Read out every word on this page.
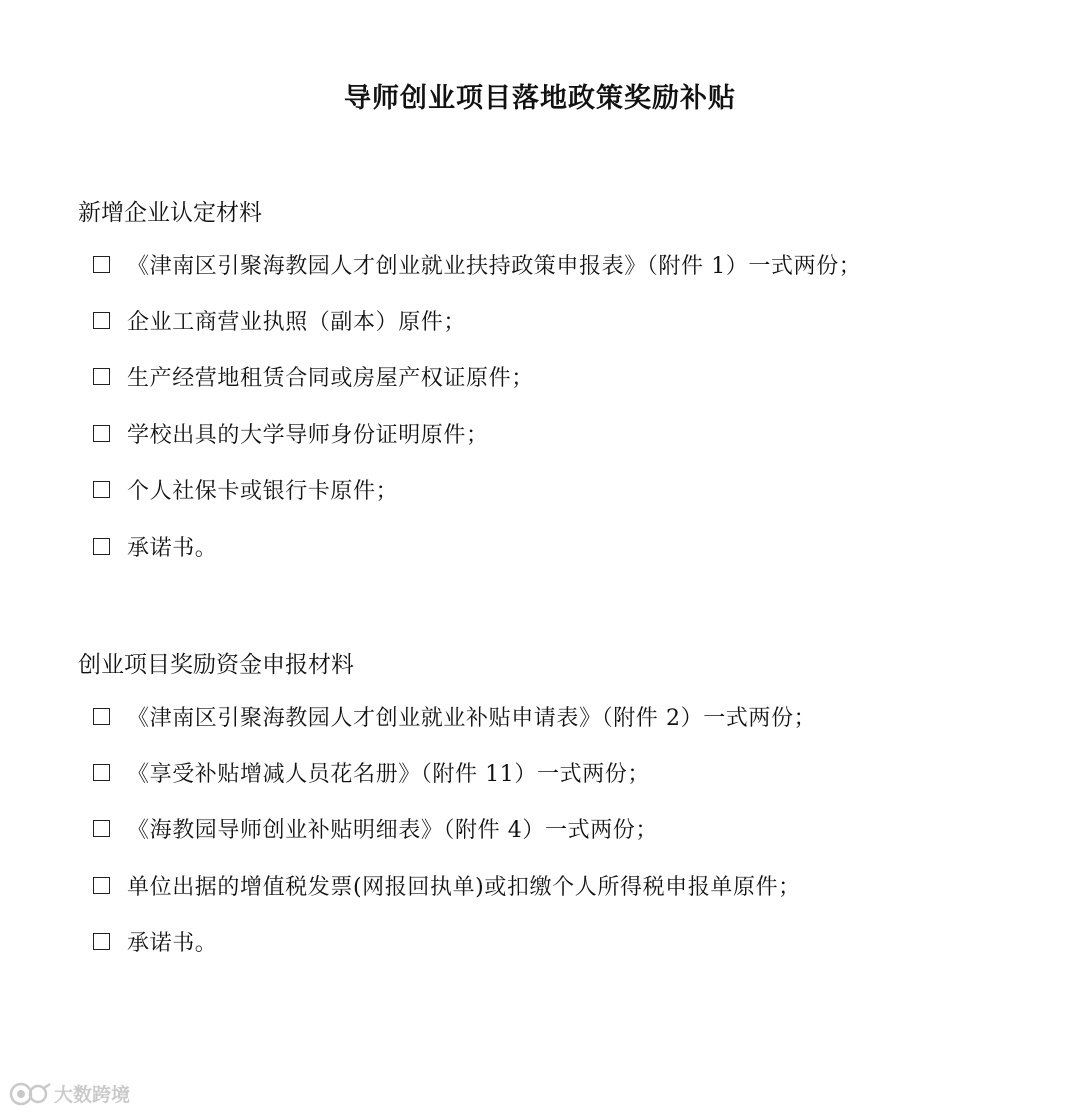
导师创业项目落地政策奖励补贴
新增企业认定材料
《津南区引聚海教园人才创业就业扶持政策申报表》（附件 1）一式两份；
企业工商营业执照（副本）原件；
生产经营地租赁合同或房屋产权证原件；
学校出具的大学导师身份证明原件；
个人社保卡或银行卡原件；
承诺书。
创业项目奖励资金申报材料
《津南区引聚海教园人才创业就业补贴申请表》（附件 2）一式两份；
《享受补贴增减人员花名册》（附件 11）一式两份；
《海教园导师创业补贴明细表》（附件 4）一式两份；
单位出据的增值税发票(网报回执单)或扣缴个人所得税申报单原件；
承诺书。
大数跨境
